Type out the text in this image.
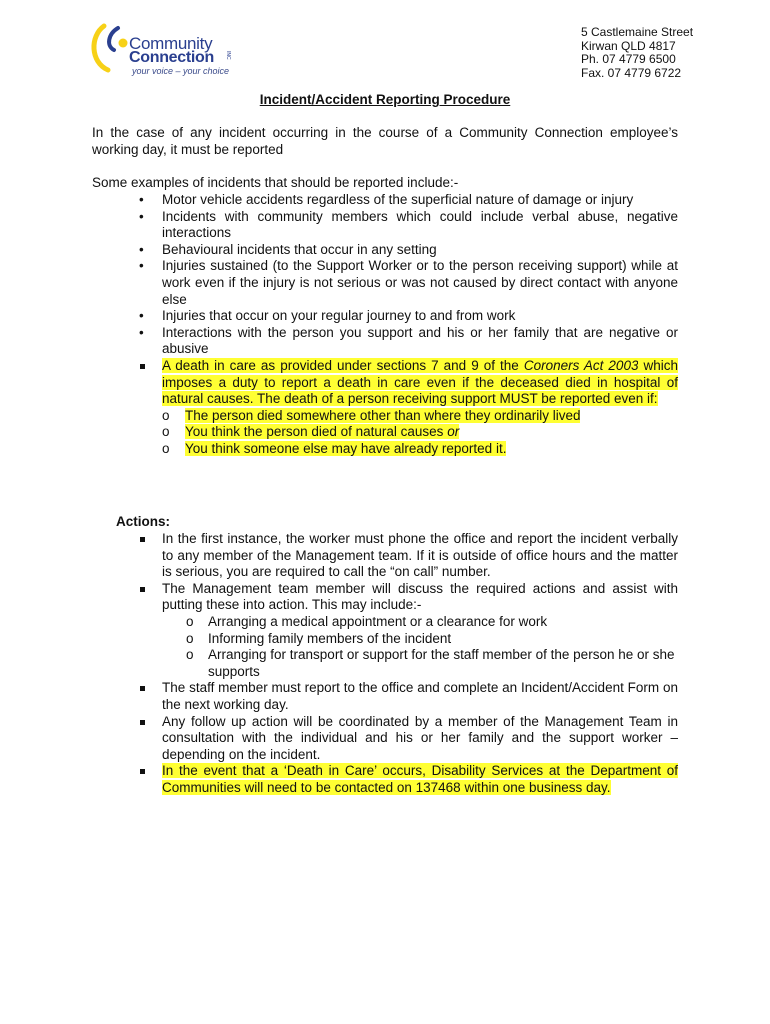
Community
Connection INC
your voice – your choice
5 Castlemaine Street
Kirwan QLD 4817
Ph. 07 4779 6500
Fax. 07 4779 6722
Incident/Accident Reporting Procedure
In the case of any incident occurring in the course of a Community Connection employee’s working day, it must be reported
Some examples of incidents that should be reported include:-
• Motor vehicle accidents regardless of the superficial nature of damage or injury
• Incidents with community members which could include verbal abuse, negative interactions
• Behavioural incidents that occur in any setting
• Injuries sustained (to the Support Worker or to the person receiving support) while at work even if the injury is not serious or was not caused by direct contact with anyone else
• Injuries that occur on your regular journey to and from work
• Interactions with the person you support and his or her family that are negative or abusive
A death in care as provided under sections 7 and 9 of the Coroners Act 2003 which imposes a duty to report a death in care even if the deceased died in hospital of natural causes. The death of a person receiving support MUST be reported even if:
o The person died somewhere other than where they ordinarily lived
o You think the person died of natural causes or
o You think someone else may have already reported it.
Actions:
In the first instance, the worker must phone the office and report the incident verbally to any member of the Management team. If it is outside of office hours and the matter is serious, you are required to call the “on call” number.
The Management team member will discuss the required actions and assist with putting these into action. This may include:-
o Arranging a medical appointment or a clearance for work
o Informing family members of the incident
o Arranging for transport or support for the staff member of the person he or she supports
The staff member must report to the office and complete an Incident/Accident Form on the next working day.
Any follow up action will be coordinated by a member of the Management Team in consultation with the individual and his or her family and the support worker – depending on the incident.
In the event that a ‘Death in Care’ occurs, Disability Services at the Department of Communities will need to be contacted on 137468 within one business day.
